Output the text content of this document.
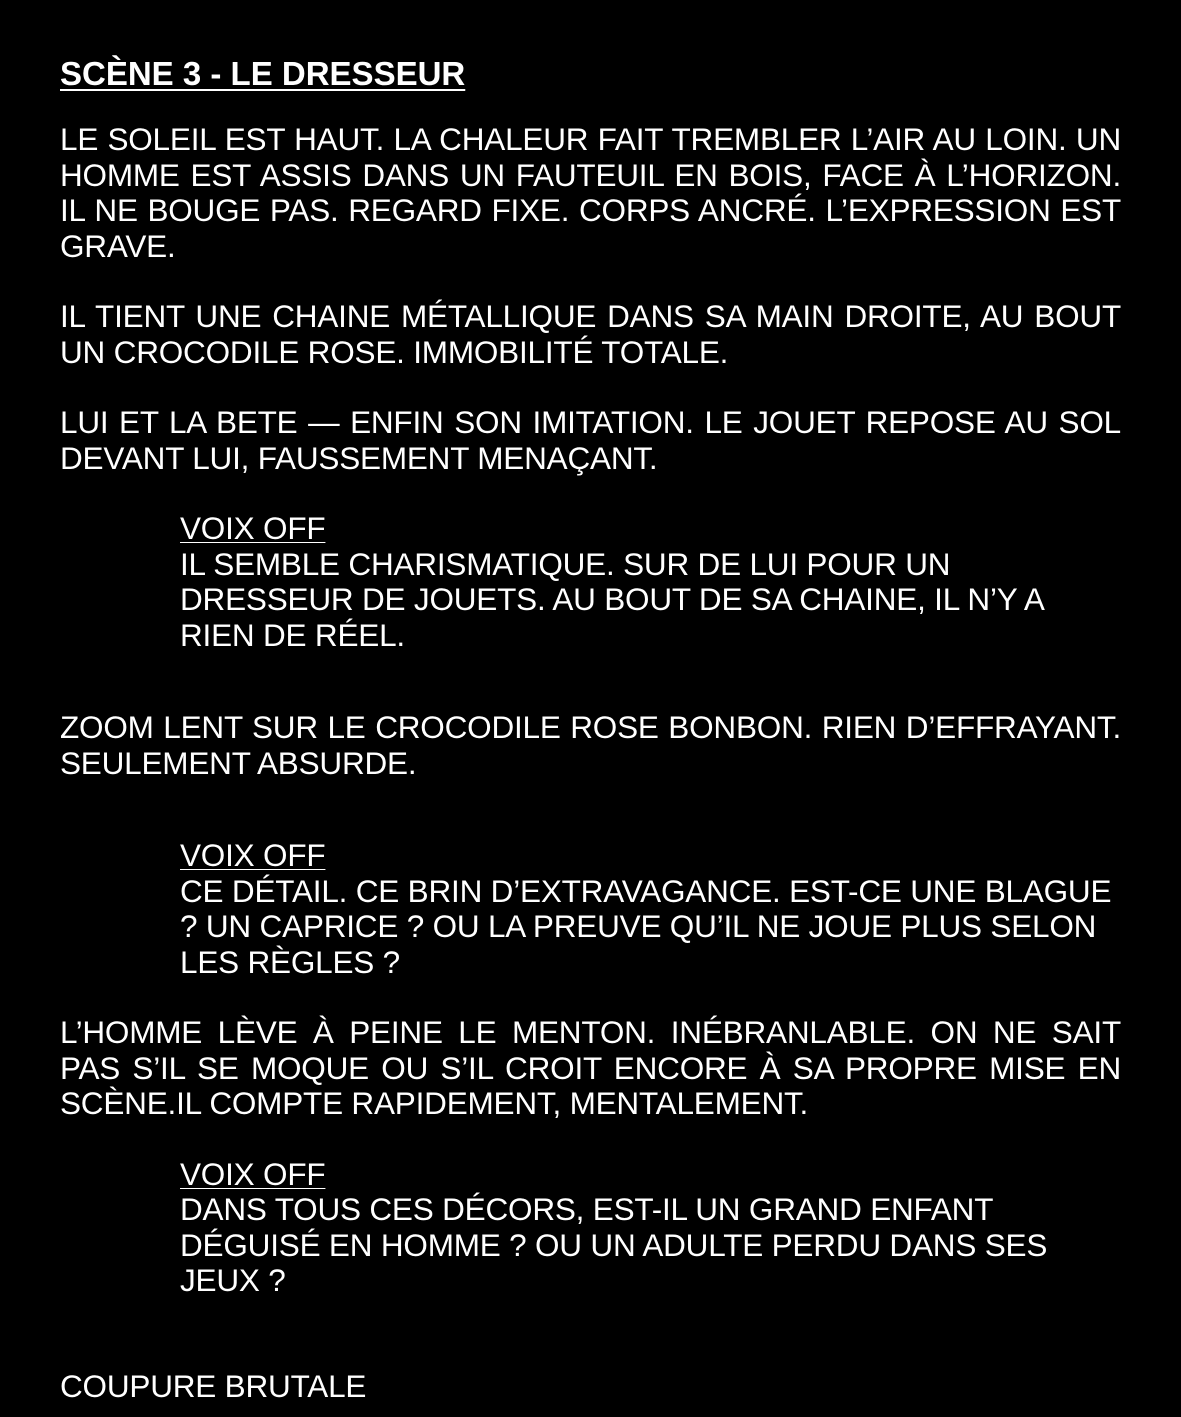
SCÈNE 3 - LE DRESSEUR

LE SOLEIL EST HAUT. LA CHALEUR FAIT TREMBLER L’AIR AU LOIN. UN HOMME EST ASSIS DANS UN FAUTEUIL EN BOIS, FACE À L’HORIZON. IL NE BOUGE PAS. REGARD FIXE. CORPS ANCRÉ. L’EXPRESSION EST GRAVE.

IL TIENT UNE CHAINE MÉTALLIQUE DANS SA MAIN DROITE, AU BOUT UN CROCODILE ROSE. IMMOBILITÉ TOTALE.

LUI ET LA BETE — ENFIN SON IMITATION. LE JOUET REPOSE AU SOL DEVANT LUI, FAUSSEMENT MENAÇANT.

VOIX OFF

IL SEMBLE CHARISMATIQUE. SUR DE LUI POUR UN DRESSEUR DE JOUETS. AU BOUT DE SA CHAINE, IL N’Y A RIEN DE RÉEL.

ZOOM LENT SUR LE CROCODILE ROSE BONBON. RIEN D’EFFRAYANT. SEULEMENT ABSURDE.

VOIX OFF

CE DÉTAIL. CE BRIN D’EXTRAVAGANCE. EST-CE UNE BLAGUE ? UN CAPRICE ? OU LA PREUVE QU’IL NE JOUE PLUS SELON LES RÈGLES ?

L’HOMME LÈVE À PEINE LE MENTON. INÉBRANLABLE. ON NE SAIT PAS S’IL SE MOQUE OU S’IL CROIT ENCORE À SA PROPRE MISE EN SCÈNE.IL COMPTE RAPIDEMENT, MENTALEMENT.

VOIX OFF

DANS TOUS CES DÉCORS, EST-IL UN GRAND ENFANT DÉGUISÉ EN HOMME ? OU UN ADULTE PERDU DANS SES JEUX ?

COUPURE BRUTALE
